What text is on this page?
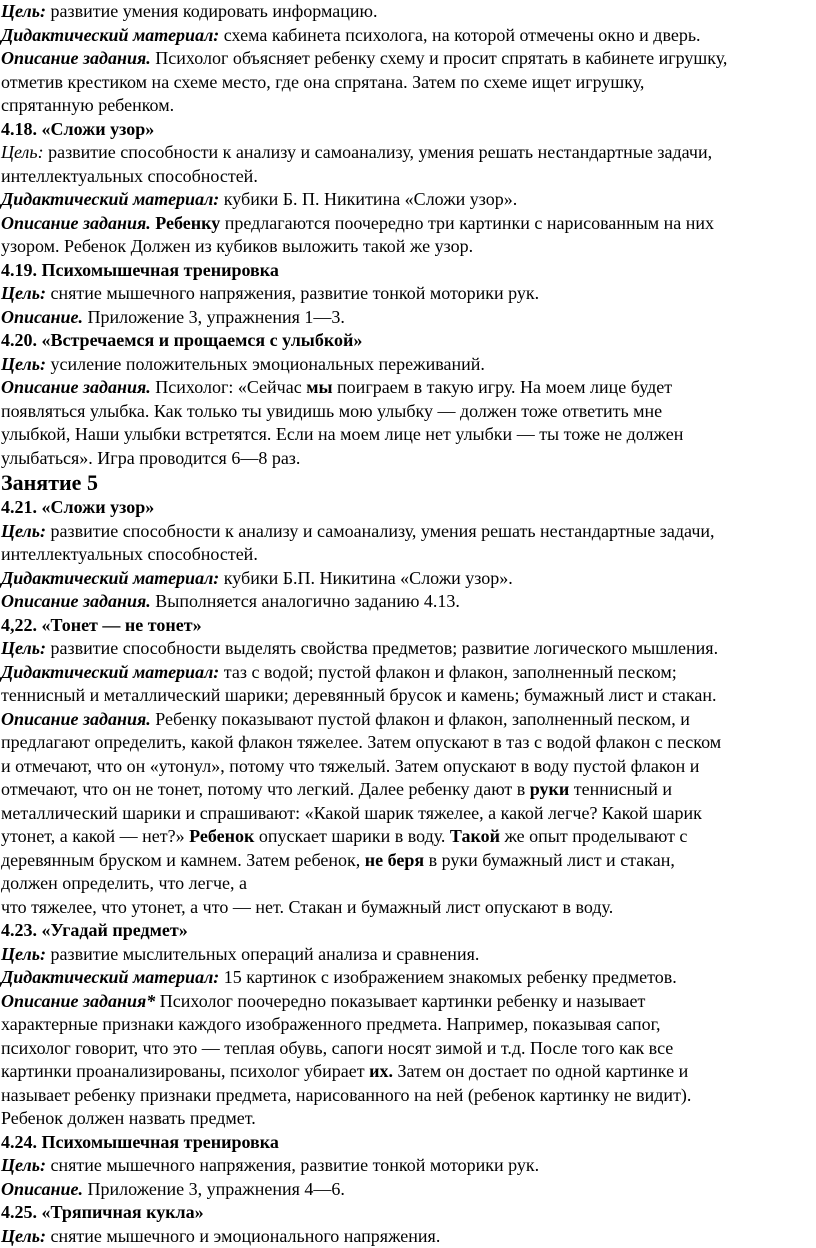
Цель: развитие умения кодировать информацию.
Дидактический материал: схема кабинета психолога, на которой отмечены окно и дверь.
Описание задания. Психолог объясняет ребенку схему и просит спрятать в кабинете игрушку,
отметив крестиком на схеме место, где она спрятана. Затем по схеме ищет игрушку,
спрятанную ребенком.
4.18. «Сложи узор»
Цель: развитие способности к анализу и самоанализу, умения решать нестандартные задачи,
интеллектуальных способностей.
Дидактический материал: кубики Б. П. Никитина «Сложи узор».
Описание задания. Ребенку предлагаются поочередно три картинки с нарисованным на них
узором. Ребенок Должен из кубиков выложить такой же узор.
4.19. Психомышечная тренировка
Цель: снятие мышечного напряжения, развитие тонкой моторики рук.
Описание. Приложение 3, упражнения 1—3.
4.20. «Встречаемся и прощаемся с улыбкой»
Цель: усиление положительных эмоциональных переживаний.
Описание задания. Психолог: «Сейчас мы поиграем в такую игру. На моем лице будет
появляться улыбка. Как только ты увидишь мою улыбку — должен тоже ответить мне
улыбкой, Наши улыбки встретятся. Если на моем лице нет улыбки — ты тоже не должен
улыбаться». Игра проводится 6—8 раз.
Занятие 5
4.21. «Сложи узор»
Цель: развитие способности к анализу и самоанализу, умения решать нестандартные задачи,
интеллектуальных способностей.
Дидактический материал: кубики Б.П. Никитина «Сложи узор».
Описание задания. Выполняется аналогично заданию 4.13.
4,22. «Тонет — не тонет»
Цель: развитие способности выделять свойства предметов; развитие логического мышления.
Дидактический материал: таз с водой; пустой флакон и флакон, заполненный песком;
теннисный и металлический шарики; деревянный брусок и камень; бумажный лист и стакан.
Описание задания. Ребенку показывают пустой флакон и флакон, заполненный песком, и
предлагают определить, какой флакон тяжелее. Затем опускают в таз с водой флакон с песком
и отмечают, что он «утонул», потому что тяжелый. Затем опускают в воду пустой флакон и
отмечают, что он не тонет, потому что легкий. Далее ребенку дают в руки теннисный и
металлический шарики и спрашивают: «Какой шарик тяжелее, а какой легче? Какой шарик
утонет, а какой — нет?» Ребенок опускает шарики в воду. Такой же опыт проделывают с
деревянным бруском и камнем. Затем ребенок, не беря в руки бумажный лист и стакан,
должен определить, что легче, а
что тяжелее, что утонет, а что — нет. Стакан и бумажный лист опускают в воду.
4.23. «Угадай предмет»
Цель: развитие мыслительных операций анализа и сравнения.
Дидактический материал: 15 картинок с изображением знакомых ребенку предметов.
Описание задания* Психолог поочередно показывает картинки ребенку и называет
характерные признаки каждого изображенного предмета. Например, показывая сапог,
психолог говорит, что это — теплая обувь, сапоги носят зимой и т.д. После того как все
картинки проанализированы, психолог убирает их. Затем он достает по одной картинке и
называет ребенку признаки предмета, нарисованного на ней (ребенок картинку не видит).
Ребенок должен назвать предмет.
4.24. Психомышечная тренировка
Цель: снятие мышечного напряжения, развитие тонкой моторики рук.
Описание. Приложение 3, упражнения 4—6.
4.25. «Тряпичная кукла»
Цель: снятие мышечного и эмоционального напряжения.
